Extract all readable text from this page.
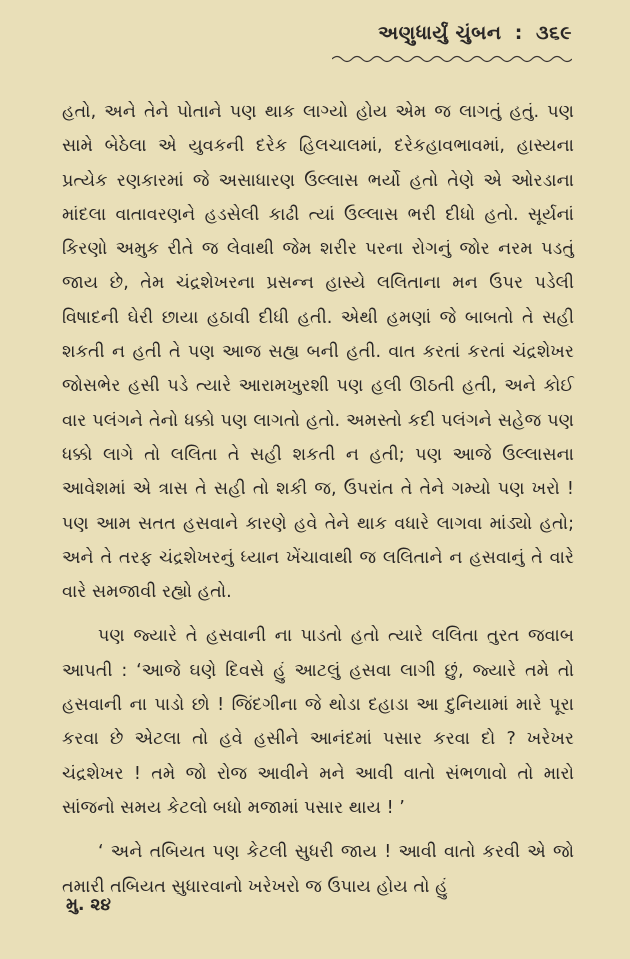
અણુધાર્યું ચુંબન : ૩૬૯

હતો, અને તેને પોતાને પણ થાક લાગ્યો હોય એમ જ લાગતું હતું. પણ સામે બેઠેલા એ યુવકની દરેક હિલચાલમાં, દરેકહાવભાવમાં, હાસ્યના પ્રત્યેક રણકારમાં જે અસાધારણ ઉલ્લાસ ભર્યો હતો તેણે એ ઓરડાના માંદલા વાતાવરણને હડસેલી કાઢી ત્યાં ઉલ્લાસ ભરી દીધો હતો. સૂર્યનાં કિરણો અમુક રીતે જ લેવાથી જેમ શરીર પરના રોગનું જોર નરમ પડતું જાય છે, તેમ ચંદ્રશેખરના પ્રસન્ન હાસ્યે લલિતાના મન ઉપર પડેલી વિષાદની ઘેરી છાયા હઠાવી દીધી હતી. એથી હમણાં જે બાબતો તે સહી શકતી ન હતી તે પણ આજ સહ્ય બની હતી. વાત કરતાં કરતાં ચંદ્રશેખર જોસભેર હસી પડે ત્યારે આરામખુરશી પણ હલી ઊઠતી હતી, અને કોઈ વાર પલંગને તેનો ધક્કો પણ લાગતો હતો. અમસ્તો કદી પલંગને સહેજ પણ ધક્કો લાગે તો લલિતા તે સહી શકતી ન હતી; પણ આજે ઉલ્લાસના આવેશમાં એ ત્રાસ તે સહી તો શકી જ, ઉપરાંત તે તેને ગમ્યો પણ ખરો ! પણ આમ સતત હસવાને કારણે હવે તેને થાક વધારે લાગવા માંડ્યો હતો; અને તે તરફ ચંદ્રશેખરનું ધ્યાન ખેંચાવાથી જ લલિતાને ન હસવાનું તે વારે વારે સમજાવી રહ્યો હતો.

પણ જ્યારે તે હસવાની ના પાડતો હતો ત્યારે લલિતા તુરત જવાબ આપતી : ‘આજે ઘણે દિવસે હું આટલું હસવા લાગી છું, જ્યારે તમે તો હસવાની ના પાડો છો ! જિંદગીના જે થોડા દહાડા આ દુનિયામાં મારે પૂરા કરવા છે એટલા તો હવે હસીને આનંદમાં પસાર કરવા દો ? ખરેખર ચંદ્રશેખર ! તમે જો રોજ આવીને મને આવી વાતો સંભળાવો તો મારો સાંજનો સમય કેટલો બધો મજામાં પસાર થાય ! ’

‘ અને તબિયત પણ કેટલી સુધરી જાય ! આવી વાતો કરવી એ જો તમારી તબિયત સુધારવાનો ખરેખરો જ ઉપાય હોય તો હું

મુ. ૨૪
